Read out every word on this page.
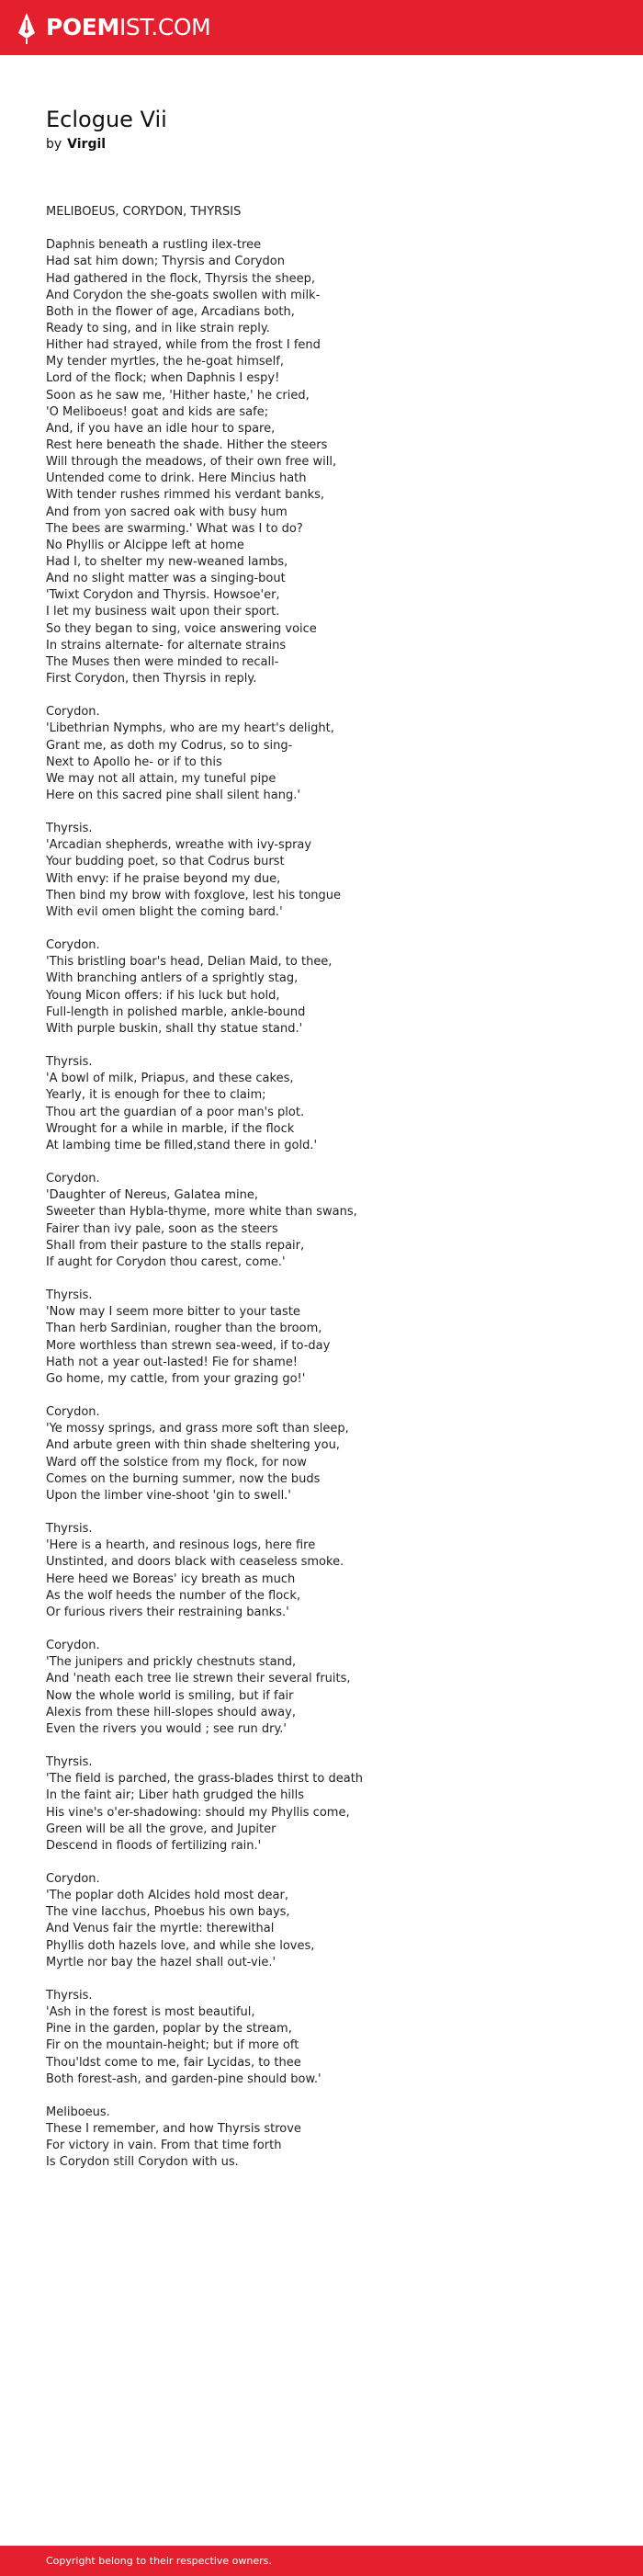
POEMIST.COM
Eclogue Vii
by Virgil

MELIBOEUS, CORYDON, THYRSIS

Daphnis beneath a rustling ilex-tree
Had sat him down; Thyrsis and Corydon
Had gathered in the flock, Thyrsis the sheep,
And Corydon the she-goats swollen with milk-
Both in the flower of age, Arcadians both,
Ready to sing, and in like strain reply.
Hither had strayed, while from the frost I fend
My tender myrtles, the he-goat himself,
Lord of the flock; when Daphnis I espy!
Soon as he saw me, 'Hither haste,' he cried,
'O Meliboeus! goat and kids are safe;
And, if you have an idle hour to spare,
Rest here beneath the shade. Hither the steers
Will through the meadows, of their own free will,
Untended come to drink. Here Mincius hath
With tender rushes rimmed his verdant banks,
And from yon sacred oak with busy hum
The bees are swarming.' What was I to do?
No Phyllis or Alcippe left at home
Had I, to shelter my new-weaned lambs,
And no slight matter was a singing-bout
'Twixt Corydon and Thyrsis. Howsoe'er,
I let my business wait upon their sport.
So they began to sing, voice answering voice
In strains alternate- for alternate strains
The Muses then were minded to recall-
First Corydon, then Thyrsis in reply.

Corydon.
'Libethrian Nymphs, who are my heart's delight,
Grant me, as doth my Codrus, so to sing-
Next to Apollo he- or if to this
We may not all attain, my tuneful pipe
Here on this sacred pine shall silent hang.'

Thyrsis.
'Arcadian shepherds, wreathe with ivy-spray
Your budding poet, so that Codrus burst
With envy: if he praise beyond my due,
Then bind my brow with foxglove, lest his tongue
With evil omen blight the coming bard.'

Corydon.
'This bristling boar's head, Delian Maid, to thee,
With branching antlers of a sprightly stag,
Young Micon offers: if his luck but hold,
Full-length in polished marble, ankle-bound
With purple buskin, shall thy statue stand.'

Thyrsis.
'A bowl of milk, Priapus, and these cakes,
Yearly, it is enough for thee to claim;
Thou art the guardian of a poor man's plot.
Wrought for a while in marble, if the flock
At lambing time be filled,stand there in gold.'

Corydon.
'Daughter of Nereus, Galatea mine,
Sweeter than Hybla-thyme, more white than swans,
Fairer than ivy pale, soon as the steers
Shall from their pasture to the stalls repair,
If aught for Corydon thou carest, come.'

Thyrsis.
'Now may I seem more bitter to your taste
Than herb Sardinian, rougher than the broom,
More worthless than strewn sea-weed, if to-day
Hath not a year out-lasted! Fie for shame!
Go home, my cattle, from your grazing go!'

Corydon.
'Ye mossy springs, and grass more soft than sleep,
And arbute green with thin shade sheltering you,
Ward off the solstice from my flock, for now
Comes on the burning summer, now the buds
Upon the limber vine-shoot 'gin to swell.'

Thyrsis.
'Here is a hearth, and resinous logs, here fire
Unstinted, and doors black with ceaseless smoke.
Here heed we Boreas' icy breath as much
As the wolf heeds the number of the flock,
Or furious rivers their restraining banks.'

Corydon.
'The junipers and prickly chestnuts stand,
And 'neath each tree lie strewn their several fruits,
Now the whole world is smiling, but if fair
Alexis from these hill-slopes should away,
Even the rivers you would ; see run dry.'

Thyrsis.
'The field is parched, the grass-blades thirst to death
In the faint air; Liber hath grudged the hills
His vine's o'er-shadowing: should my Phyllis come,
Green will be all the grove, and Jupiter
Descend in floods of fertilizing rain.'

Corydon.
'The poplar doth Alcides hold most dear,
The vine Iacchus, Phoebus his own bays,
And Venus fair the myrtle: therewithal
Phyllis doth hazels love, and while she loves,
Myrtle nor bay the hazel shall out-vie.'

Thyrsis.
'Ash in the forest is most beautiful,
Pine in the garden, poplar by the stream,
Fir on the mountain-height; but if more oft
Thou'ldst come to me, fair Lycidas, to thee
Both forest-ash, and garden-pine should bow.'

Meliboeus.
These I remember, and how Thyrsis strove
For victory in vain. From that time forth
Is Corydon still Corydon with us.

Copyright belong to their respective owners.
